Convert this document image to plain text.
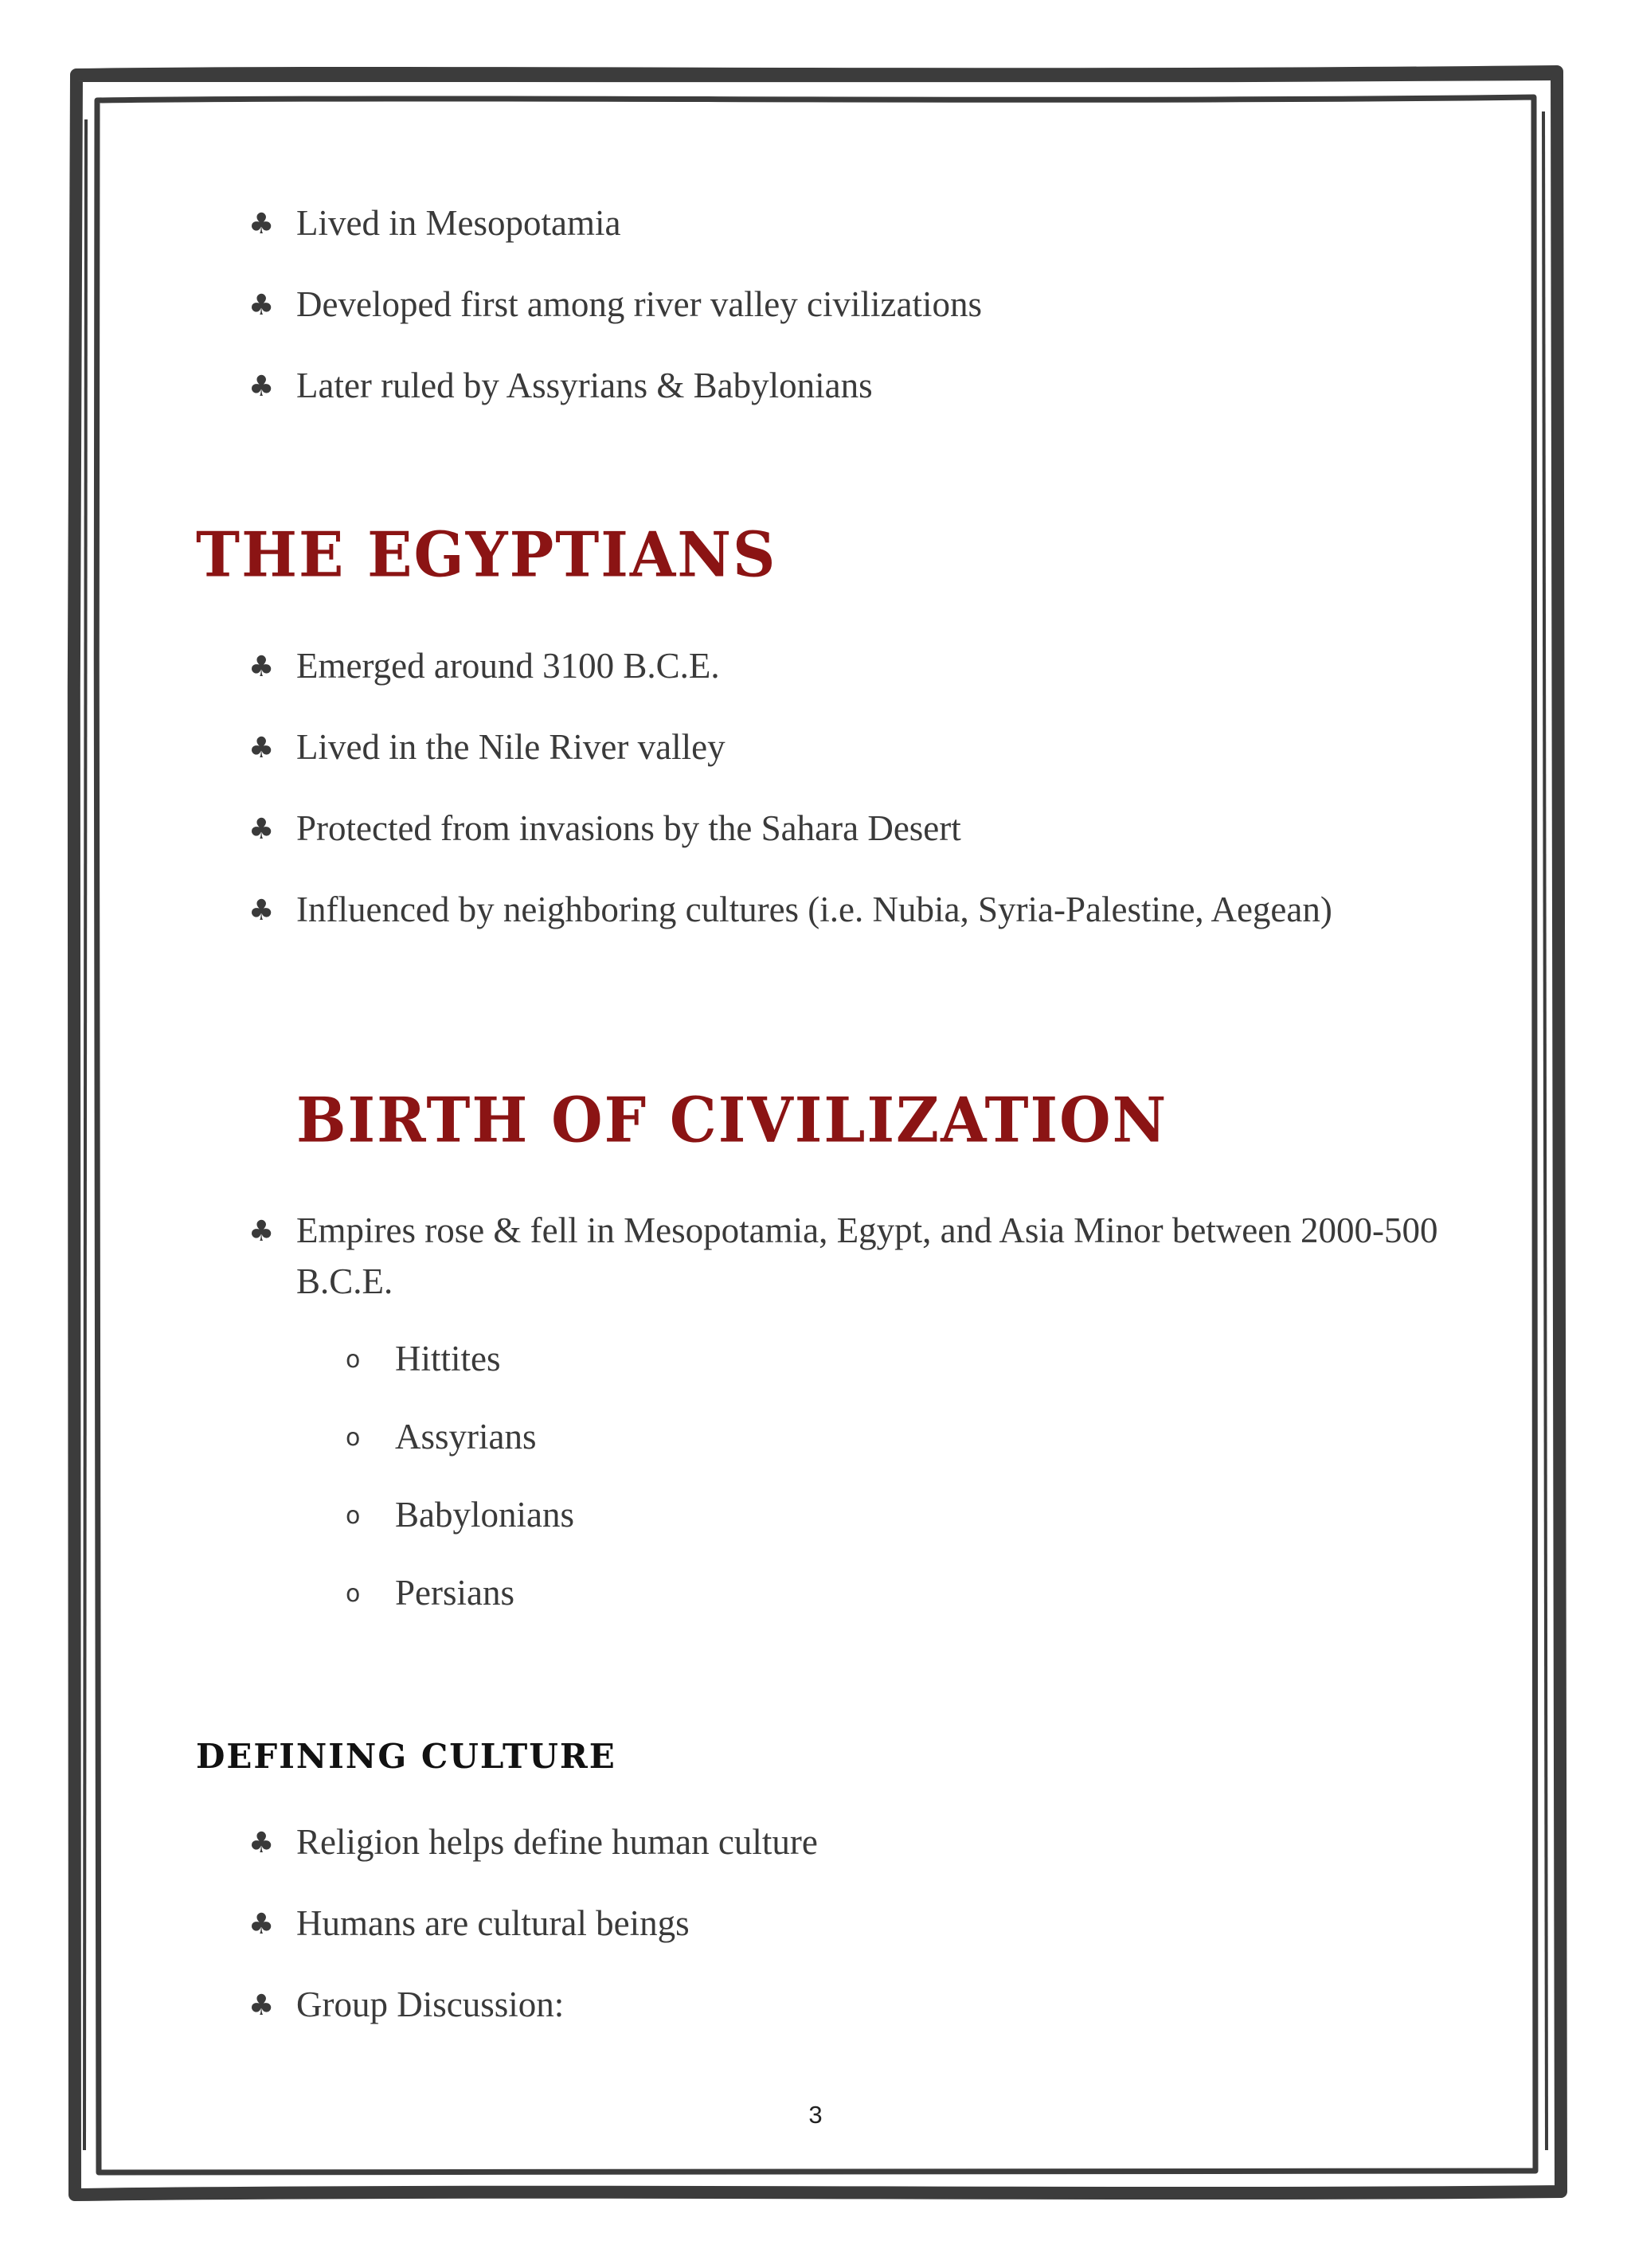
♣ Lived in Mesopotamia
♣ Developed first among river valley civilizations
♣ Later ruled by Assyrians & Babylonians
THE EGYPTIANS
♣ Emerged around 3100 B.C.E.
♣ Lived in the Nile River valley
♣ Protected from invasions by the Sahara Desert
♣ Influenced by neighboring cultures (i.e. Nubia, Syria-Palestine, Aegean)
BIRTH OF CIVILIZATION
♣ Empires rose & fell in Mesopotamia, Egypt, and Asia Minor between 2000-500 B.C.E.
o Hittites
o Assyrians
o Babylonians
o Persians
DEFINING CULTURE
♣ Religion helps define human culture
♣ Humans are cultural beings
♣ Group Discussion:
3
